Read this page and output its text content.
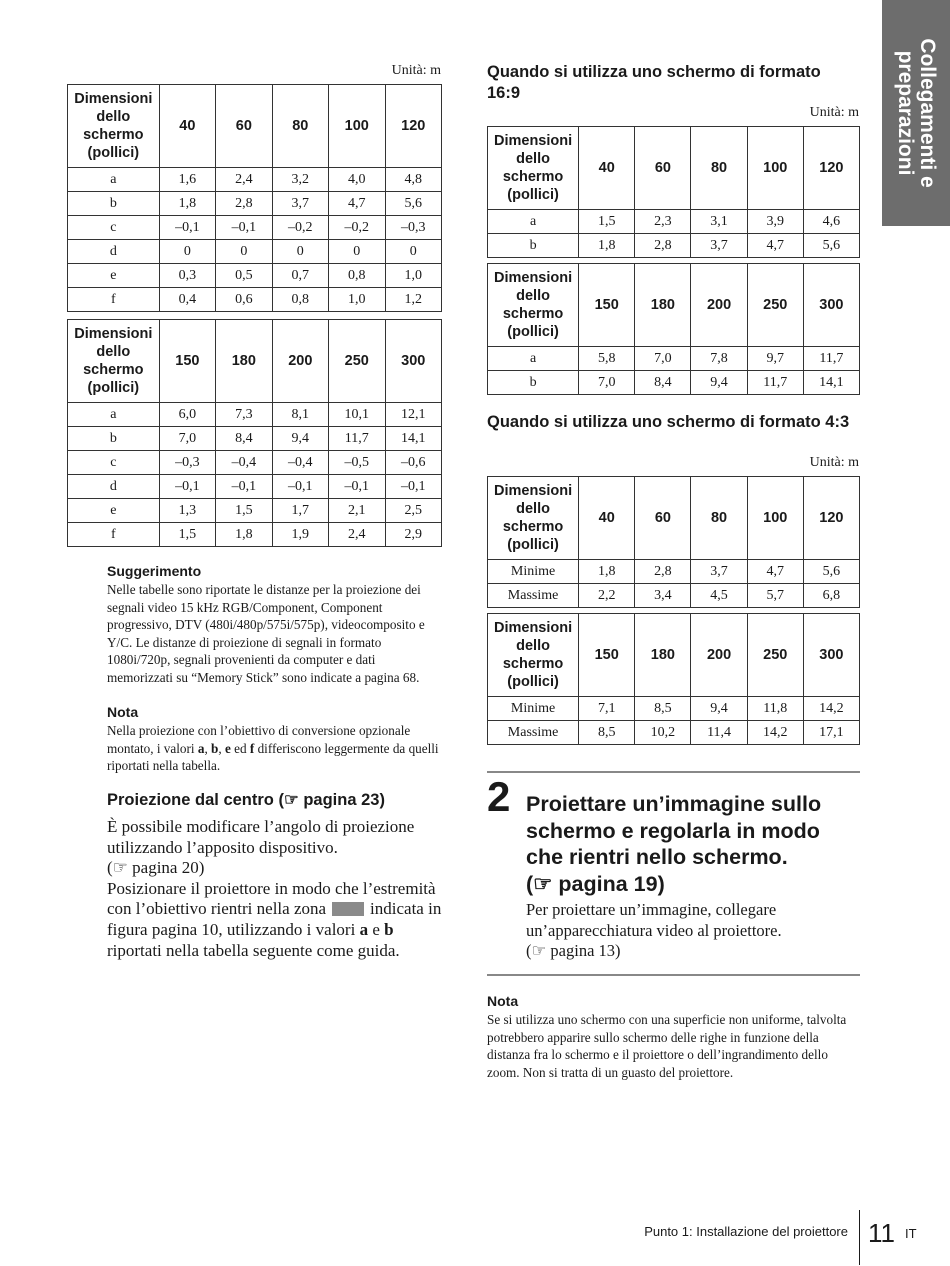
Collegamenti e
preparazioni
Unità: m
Dimensioni dello schermo (pollici)	40	60	80	100	120
a	1,6	2,4	3,2	4,0	4,8
b	1,8	2,8	3,7	4,7	5,6
c	–0,1	–0,1	–0,2	–0,2	–0,3
d	0	0	0	0	0
e	0,3	0,5	0,7	0,8	1,0
f	0,4	0,6	0,8	1,0	1,2
Dimensioni dello schermo (pollici)	150	180	200	250	300
a	6,0	7,3	8,1	10,1	12,1
b	7,0	8,4	9,4	11,7	14,1
c	–0,3	–0,4	–0,4	–0,5	–0,6
d	–0,1	–0,1	–0,1	–0,1	–0,1
e	1,3	1,5	1,7	2,1	2,5
f	1,5	1,8	1,9	2,4	2,9
Suggerimento
Nelle tabelle sono riportate le distanze per la proiezione dei segnali video 15 kHz RGB/Component, Component progressivo, DTV (480i/480p/575i/575p), videocomposito e Y/C. Le distanze di proiezione di segnali in formato 1080i/720p, segnali provenienti da computer e dati memorizzati su “Memory Stick” sono indicate a pagina 68.
Nota
Nella proiezione con l’obiettivo di conversione opzionale montato, i valori a, b, e ed f differiscono leggermente da quelli riportati nella tabella.
Proiezione dal centro (☞ pagina 23)
È possibile modificare l’angolo di proiezione utilizzando l’apposito dispositivo.
(☞ pagina 20)
Posizionare il proiettore in modo che l’estremità con l’obiettivo rientri nella zona	indicata in figura pagina 10, utilizzando i valori a e b riportati nella tabella seguente come guida.
Quando si utilizza uno schermo di formato 16:9
Unità: m
Dimensioni dello schermo (pollici)	40	60	80	100	120
a	1,5	2,3	3,1	3,9	4,6
b	1,8	2,8	3,7	4,7	5,6
Dimensioni dello schermo (pollici)	150	180	200	250	300
a	5,8	7,0	7,8	9,7	11,7
b	7,0	8,4	9,4	11,7	14,1
Quando si utilizza uno schermo di formato 4:3
Unità: m
Dimensioni dello schermo (pollici)	40	60	80	100	120
Minime	1,8	2,8	3,7	4,7	5,6
Massime	2,2	3,4	4,5	5,7	6,8
Dimensioni dello schermo (pollici)	150	180	200	250	300
Minime	7,1	8,5	9,4	11,8	14,2
Massime	8,5	10,2	11,4	14,2	17,1
2 Proiettare un’immagine sullo
schermo e regolarla in modo
che rientri nello schermo.
(☞ pagina 19)
Per proiettare un’immagine, collegare un’apparecchiatura video al proiettore.
(☞ pagina 13)
Nota
Se si utilizza uno schermo con una superficie non uniforme, talvolta potrebbero apparire sullo schermo delle righe in funzione della distanza fra lo schermo e il proiettore o dell’ingrandimento dello zoom. Non si tratta di un guasto del proiettore.
Punto 1: Installazione del proiettore 11 IT
